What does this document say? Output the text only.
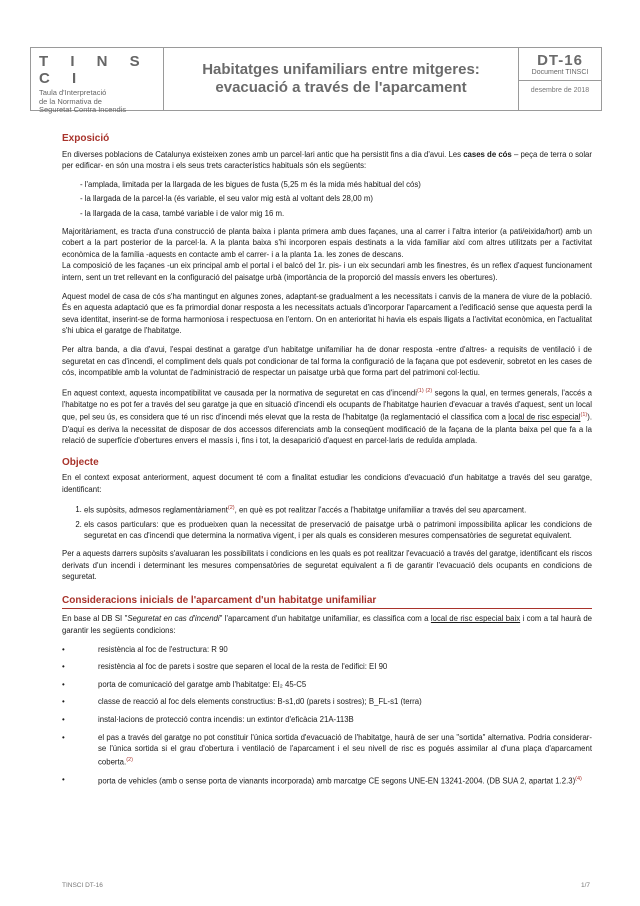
T I N S C I
Taula d'Interpretació
de la Normativa de
Seguretat Contra Incendis
Habitatges unifamiliars entre mitgeres:
evacuació a través de l'aparcament
DT-16
Document TINSCI
desembre de 2018
Exposició

En diverses poblacions de Catalunya existeixen zones amb un parcel·lari antic que ha persistit fins a dia d'avui. Les cases de cós – peça de terra o solar per edificar- en són una mostra i els seus trets característics habituals són els següents:

- l'amplada, limitada per la llargada de les bigues de fusta (5,25 m és la mida més habitual del cós)
- la llargada de la parcel·la (és variable, el seu valor mig està al voltant dels 28,00 m)
- la llargada de la casa, també variable i de valor mig 16 m.

Majoritàriament, es tracta d'una construcció de planta baixa i planta primera amb dues façanes, una al carrer i l'altra interior (a pati/eixida/hort) amb un cobert a la part posterior de la parcel·la. A la planta baixa s'hi incorporen espais destinats a la vida familiar així com altres utilitzats per a l'activitat econòmica de la família -aquests en contacte amb el carrer- i a la planta 1a. les zones de descans.
La composició de les façanes -un eix principal amb el portal i el balcó del 1r. pis- i un eix secundari amb les finestres, és un reflex d'aquest funcionament intern, sent un tret rellevant en la configuració del paisatge urbà (importància de la proporció del massís envers les obertures).

Aquest model de casa de cós s'ha mantingut en algunes zones, adaptant-se gradualment a les necessitats i canvis de la manera de viure de la població. És en aquesta adaptació que es fa primordial donar resposta a les necessitats actuals d'incorporar l'aparcament a l'edificació sense que aquesta perdi la seva identitat, inserint-se de forma harmoniosa i respectuosa en l'entorn. On en anterioritat hi havia els espais lligats a l'activitat econòmica, en l'actualitat s'hi ubica el garatge de l'habitatge.

Per altra banda, a dia d'avui, l'espai destinat a garatge d'un habitatge unifamiliar ha de donar resposta -entre d'altres- a requisits de ventilació i de seguretat en cas d'incendi, el compliment dels quals pot condicionar de tal forma la configuració de la façana que pot esdevenir, sobretot en les cases de cós, incompatible amb la voluntat de l'administració de respectar un paisatge urbà que forma part del patrimoni col·lectiu.

En aquest context, aquesta incompatibilitat ve causada per la normativa de seguretat en cas d'incendi$^{(1) (2)}$ segons la qual, en termes generals, l'accés a l'habitatge no es pot fer a través del seu garatge ja que en situació d'incendi els ocupants de l'habitatge haurien d'evacuar a través d'aquest, sent un local que, pel seu ús, es considera que té un risc d'incendi més elevat que la resta de l'habitatge (la reglamentació el classifica com a local de risc especial$^{(1)}$). D'aquí es deriva la necessitat de disposar de dos accessos diferenciats amb la conseqüent modificació de la façana de la planta baixa pel que fa a la relació de superfície d'obertures envers el massís i, fins i tot, la desaparició d'aquest en parcel·laris de reduïda amplada.

Objecte

En el context exposat anteriorment, aquest document té com a finalitat estudiar les condicions d'evacuació d'un habitatge a través del seu garatge, identificant:

1. els supòsits, admesos reglamentàriament$^{(2)}$, en què es pot realitzar l'accés a l'habitatge unifamiliar a través del seu aparcament.
2. els casos particulars: que es produeixen quan la necessitat de preservació de paisatge urbà o patrimoni impossibilita aplicar les condicions de seguretat en cas d'incendi que determina la normativa vigent, i per als quals es consideren mesures compensatòries de seguretat equivalent.

Per a aquests darrers supòsits s'avaluaran les possibilitats i condicions en les quals es pot realitzar l'evacuació a través del garatge, identificant els riscos derivats d'un incendi i determinant les mesures compensatòries de seguretat equivalent a fi de garantir l'evacuació dels ocupants en condicions de seguretat.

Consideracions inicials de l'aparcament d'un habitatge unifamiliar

En base al DB SI "Seguretat en cas d'incendi" l'aparcament d'un habitatge unifamiliar, es classifica com a local de risc especial baix i com a tal haurà de garantir les següents condicions:

• resistència al foc de l'estructura: R 90
• resistència al foc de parets i sostre que separen el local de la resta de l'edifici: EI 90
• porta de comunicació del garatge amb l'habitatge: EI₂ 45-C5
• classe de reacció al foc dels elements constructius: B-s1,d0 (parets i sostres); B_FL-s1 (terra)
• instal·lacions de protecció contra incendis: un extintor d'eficàcia 21A-113B
• el pas a través del garatge no pot constituir l'única sortida d'evacuació de l'habitatge, haurà de ser una "sortida" alternativa. Podria considerar-se l'única sortida si el grau d'obertura i ventilació de l'aparcament i el seu nivell de risc es pogués assimilar al d'una plaça d'aparcament coberta.$^{(2)}$
• porta de vehicles (amb o sense porta de vianants incorporada) amb marcatge CE segons UNE-EN 13241-2004. (DB SUA 2, apartat 1.2.3)$^{(4)}$
TINSCI DT-16	1/7
